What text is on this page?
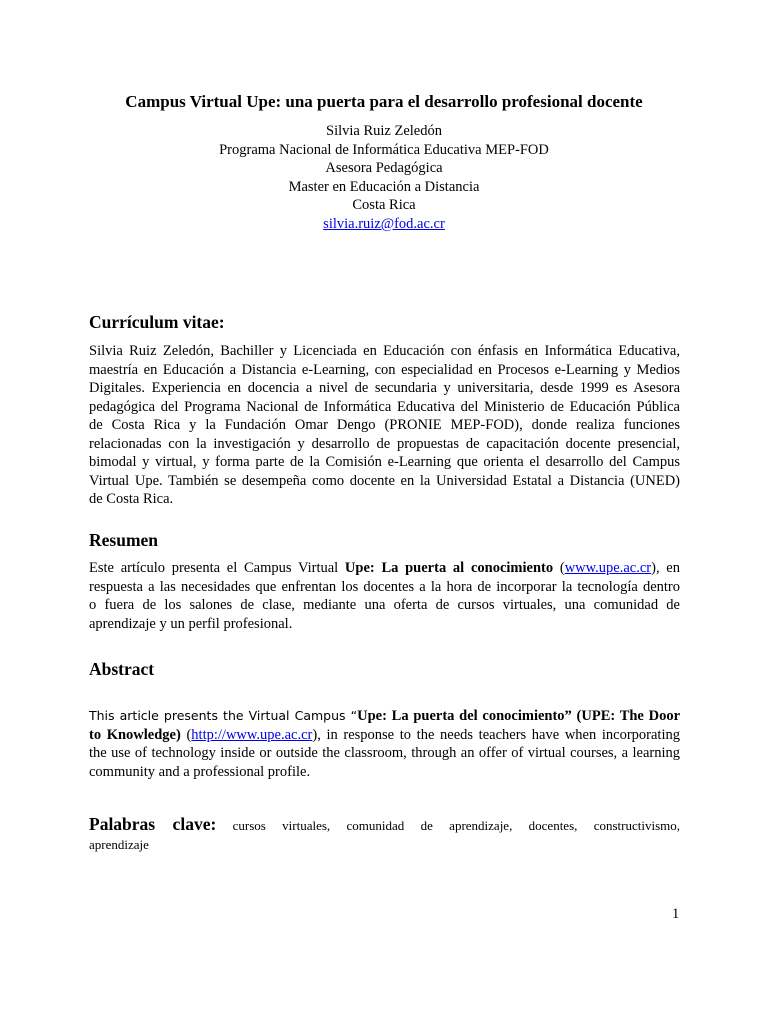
Campus Virtual Upe: una puerta para el desarrollo profesional docente
Silvia Ruiz Zeledón
Programa Nacional de Informática Educativa MEP-FOD
Asesora Pedagógica
Master en Educación a Distancia
Costa Rica
silvia.ruiz@fod.ac.cr
Currículum vitae:
Silvia Ruiz Zeledón, Bachiller y Licenciada en Educación con énfasis en Informática Educativa,
maestría en Educación a Distancia e-Learning, con especialidad en Procesos e-Learning y Medios
Digitales. Experiencia en docencia a nivel de secundaria y universitaria, desde 1999 es Asesora
pedagógica del Programa Nacional de Informática Educativa del Ministerio de Educación Pública
de Costa Rica y la Fundación Omar Dengo (PRONIE MEP-FOD), donde realiza funciones
relacionadas con la investigación y desarrollo de propuestas de capacitación docente presencial,
bimodal y virtual, y forma parte de la Comisión e-Learning que orienta el desarrollo del Campus
Virtual Upe. También se desempeña como docente en la Universidad Estatal a Distancia (UNED)
de Costa Rica.
Resumen
Este artículo presenta el Campus Virtual Upe: La puerta al conocimiento (www.upe.ac.cr), en
respuesta a las necesidades que enfrentan los docentes a la hora de incorporar la tecnología dentro
o fuera de los salones de clase, mediante una oferta de cursos virtuales, una comunidad de
aprendizaje y un perfil profesional.
Abstract
This article presents the Virtual Campus “Upe: La puerta del conocimiento” (UPE: The Door
to Knowledge) (http://www.upe.ac.cr), in response to the needs teachers have when incorporating
the use of technology inside or outside the classroom, through an offer of virtual courses, a learning
community and a professional profile.
Palabras clave: cursos virtuales, comunidad de aprendizaje, docentes, constructivismo,
aprendizaje
1
